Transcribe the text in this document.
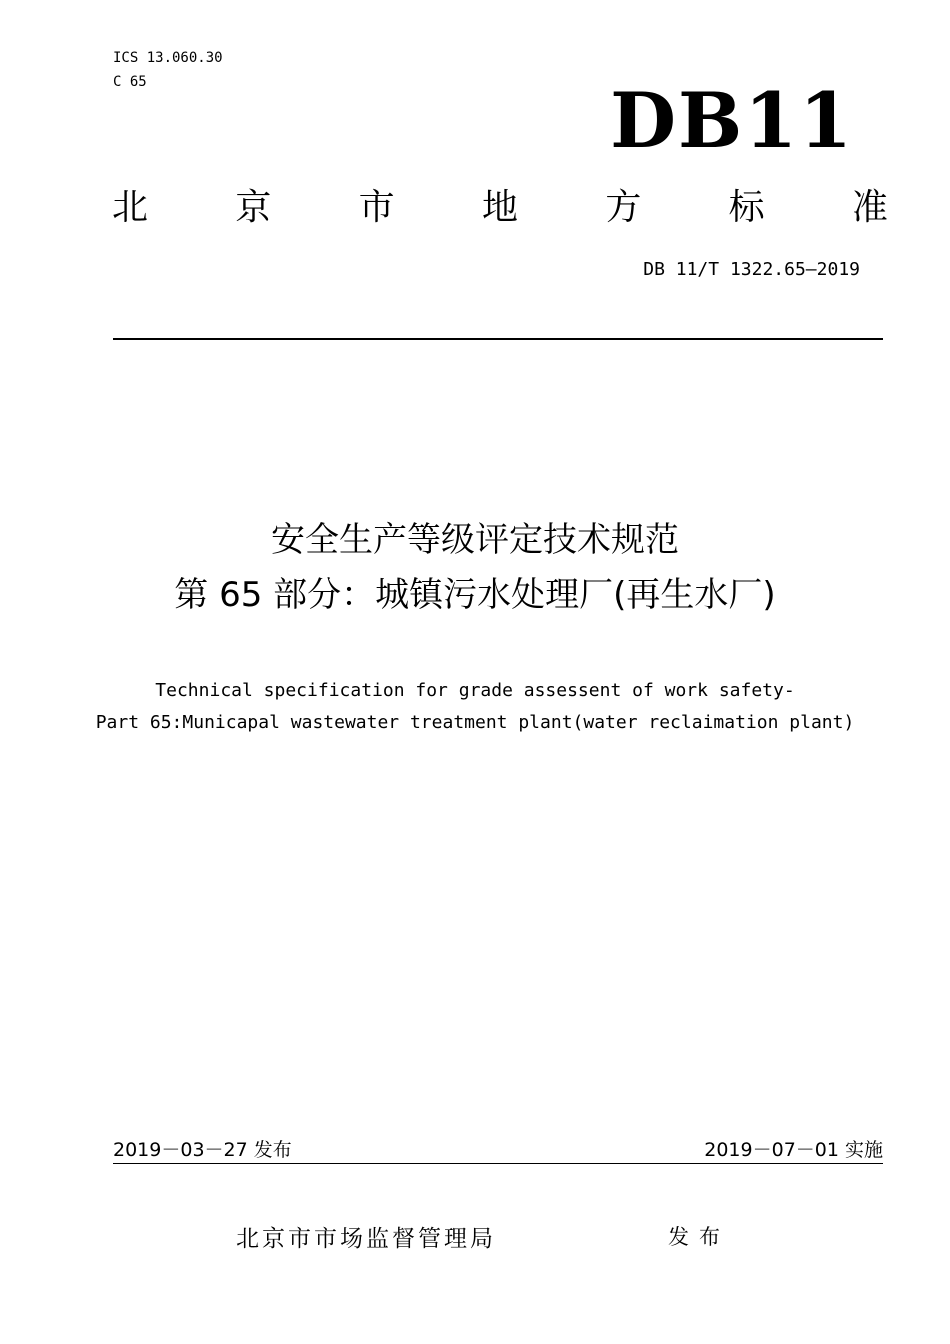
ICS 13.060.30
C 65	DB11
北 京 市 地 方 标 准
DB 11/T 1322.65—2019
安全生产等级评定技术规范
第 65 部分：城镇污水处理厂(再生水厂)
Technical specification for grade assessent of work safety-
Part 65:Municapal wastewater treatment plant(water reclaimation plant)
2019－03－27 发布	2019－07－01 实施
北京市市场监督管理局	发布
